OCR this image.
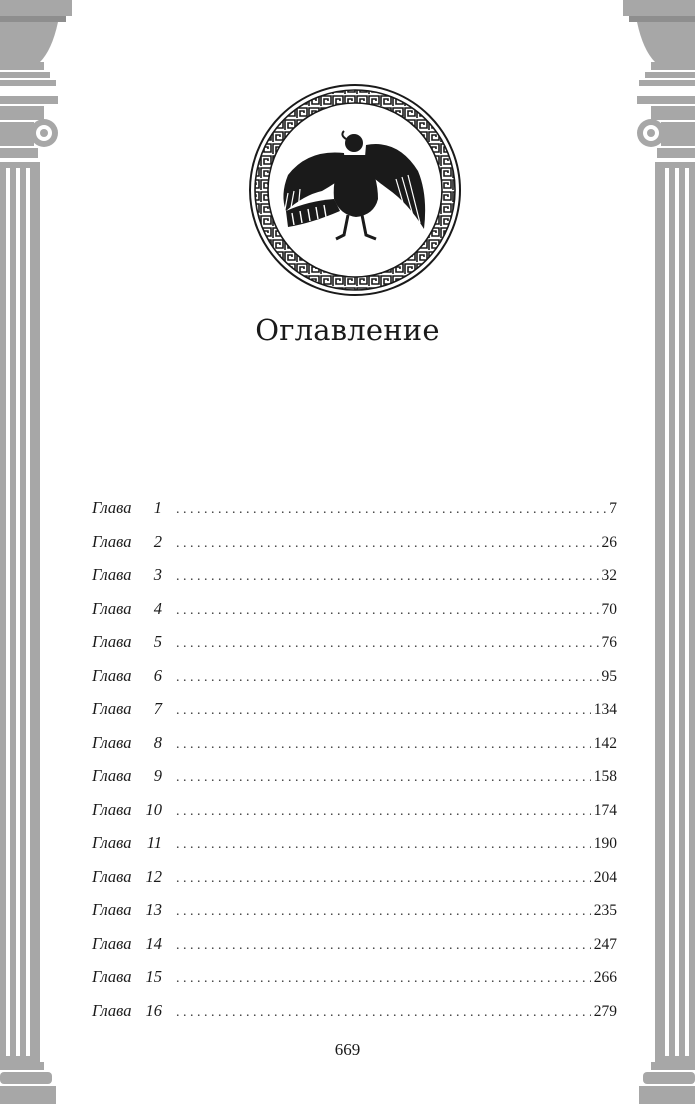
Оглавление
Глава	1 . . .	7
Глава	2 . . .	26
Глава	3 . . .	32
Глава	4 . . .	70
Глава	5 . . .	76
Глава	6 . . .	95
Глава	7 . . .	134
Глава	8 . . .	142
Глава	9 . . .	158
Глава 10 . . .	174
Глава 11 . . .	190
Глава 12 . . .	204
Глава 13 . . .	235
Глава 14 . . .	247
Глава 15 . . .	266
Глава 16 . . .	279
669
